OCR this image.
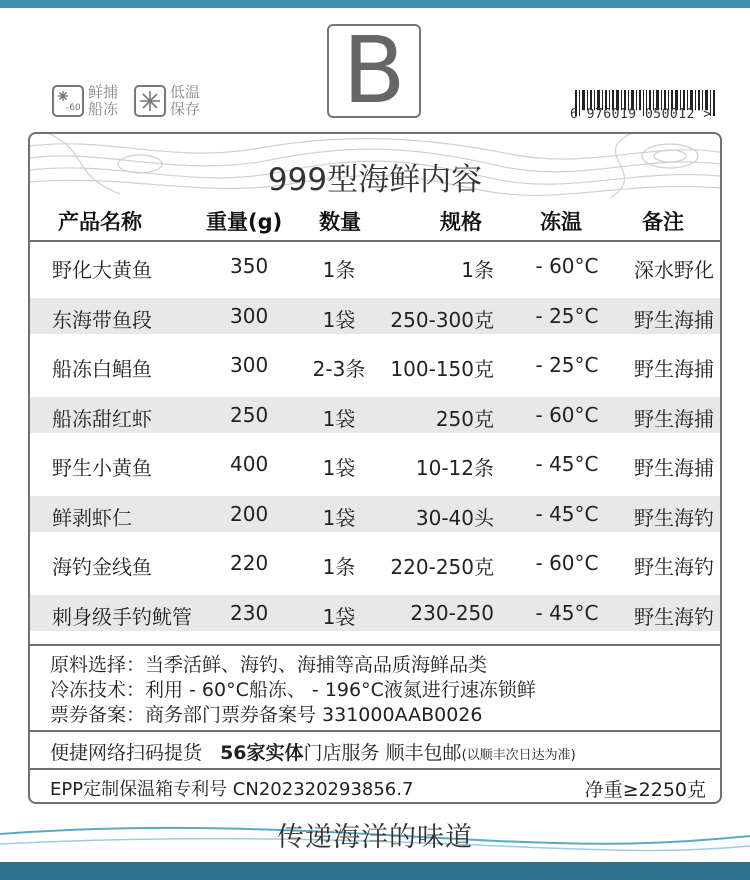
B
-60
鲜捕船冻
低温保存	6 976019 050012 >
999型海鲜内容
产品名称	重量(g) 数量	规格	冻温	备注
野化大黄鱼	350	1条	1条	- 60°C	深水野化
东海带鱼段	300	1袋	250-300克	- 25°C	野生海捕
船冻白鲳鱼	300	2-3条	100-150克	- 25°C	野生海捕
船冻甜红虾	250	1袋	250克	- 60°C	野生海捕
野生小黄鱼	400	1袋	10-12条	- 45°C	野生海捕
鲜剥虾仁	200	1袋	30-40头	- 45°C	野生海钓
海钓金线鱼	220	1条	220-250克	- 60°C	野生海钓
刺身级手钓鱿管 230	1袋	230-250	- 45°C	野生海钓
原料选择：当季活鲜、海钓、海捕等高品质海鲜品类
冷冻技术：利用 - 60°C船冻、 - 196°C液氮进行速冻锁鲜
票券备案：商务部门票券备案号 331000AAB0026
便捷网络扫码提货 56家实体门店服务 顺丰包邮(以顺丰次日达为准)
EPP定制保温箱专利号 CN202320293856.7	净重≥2250克
传递海洋的味道
